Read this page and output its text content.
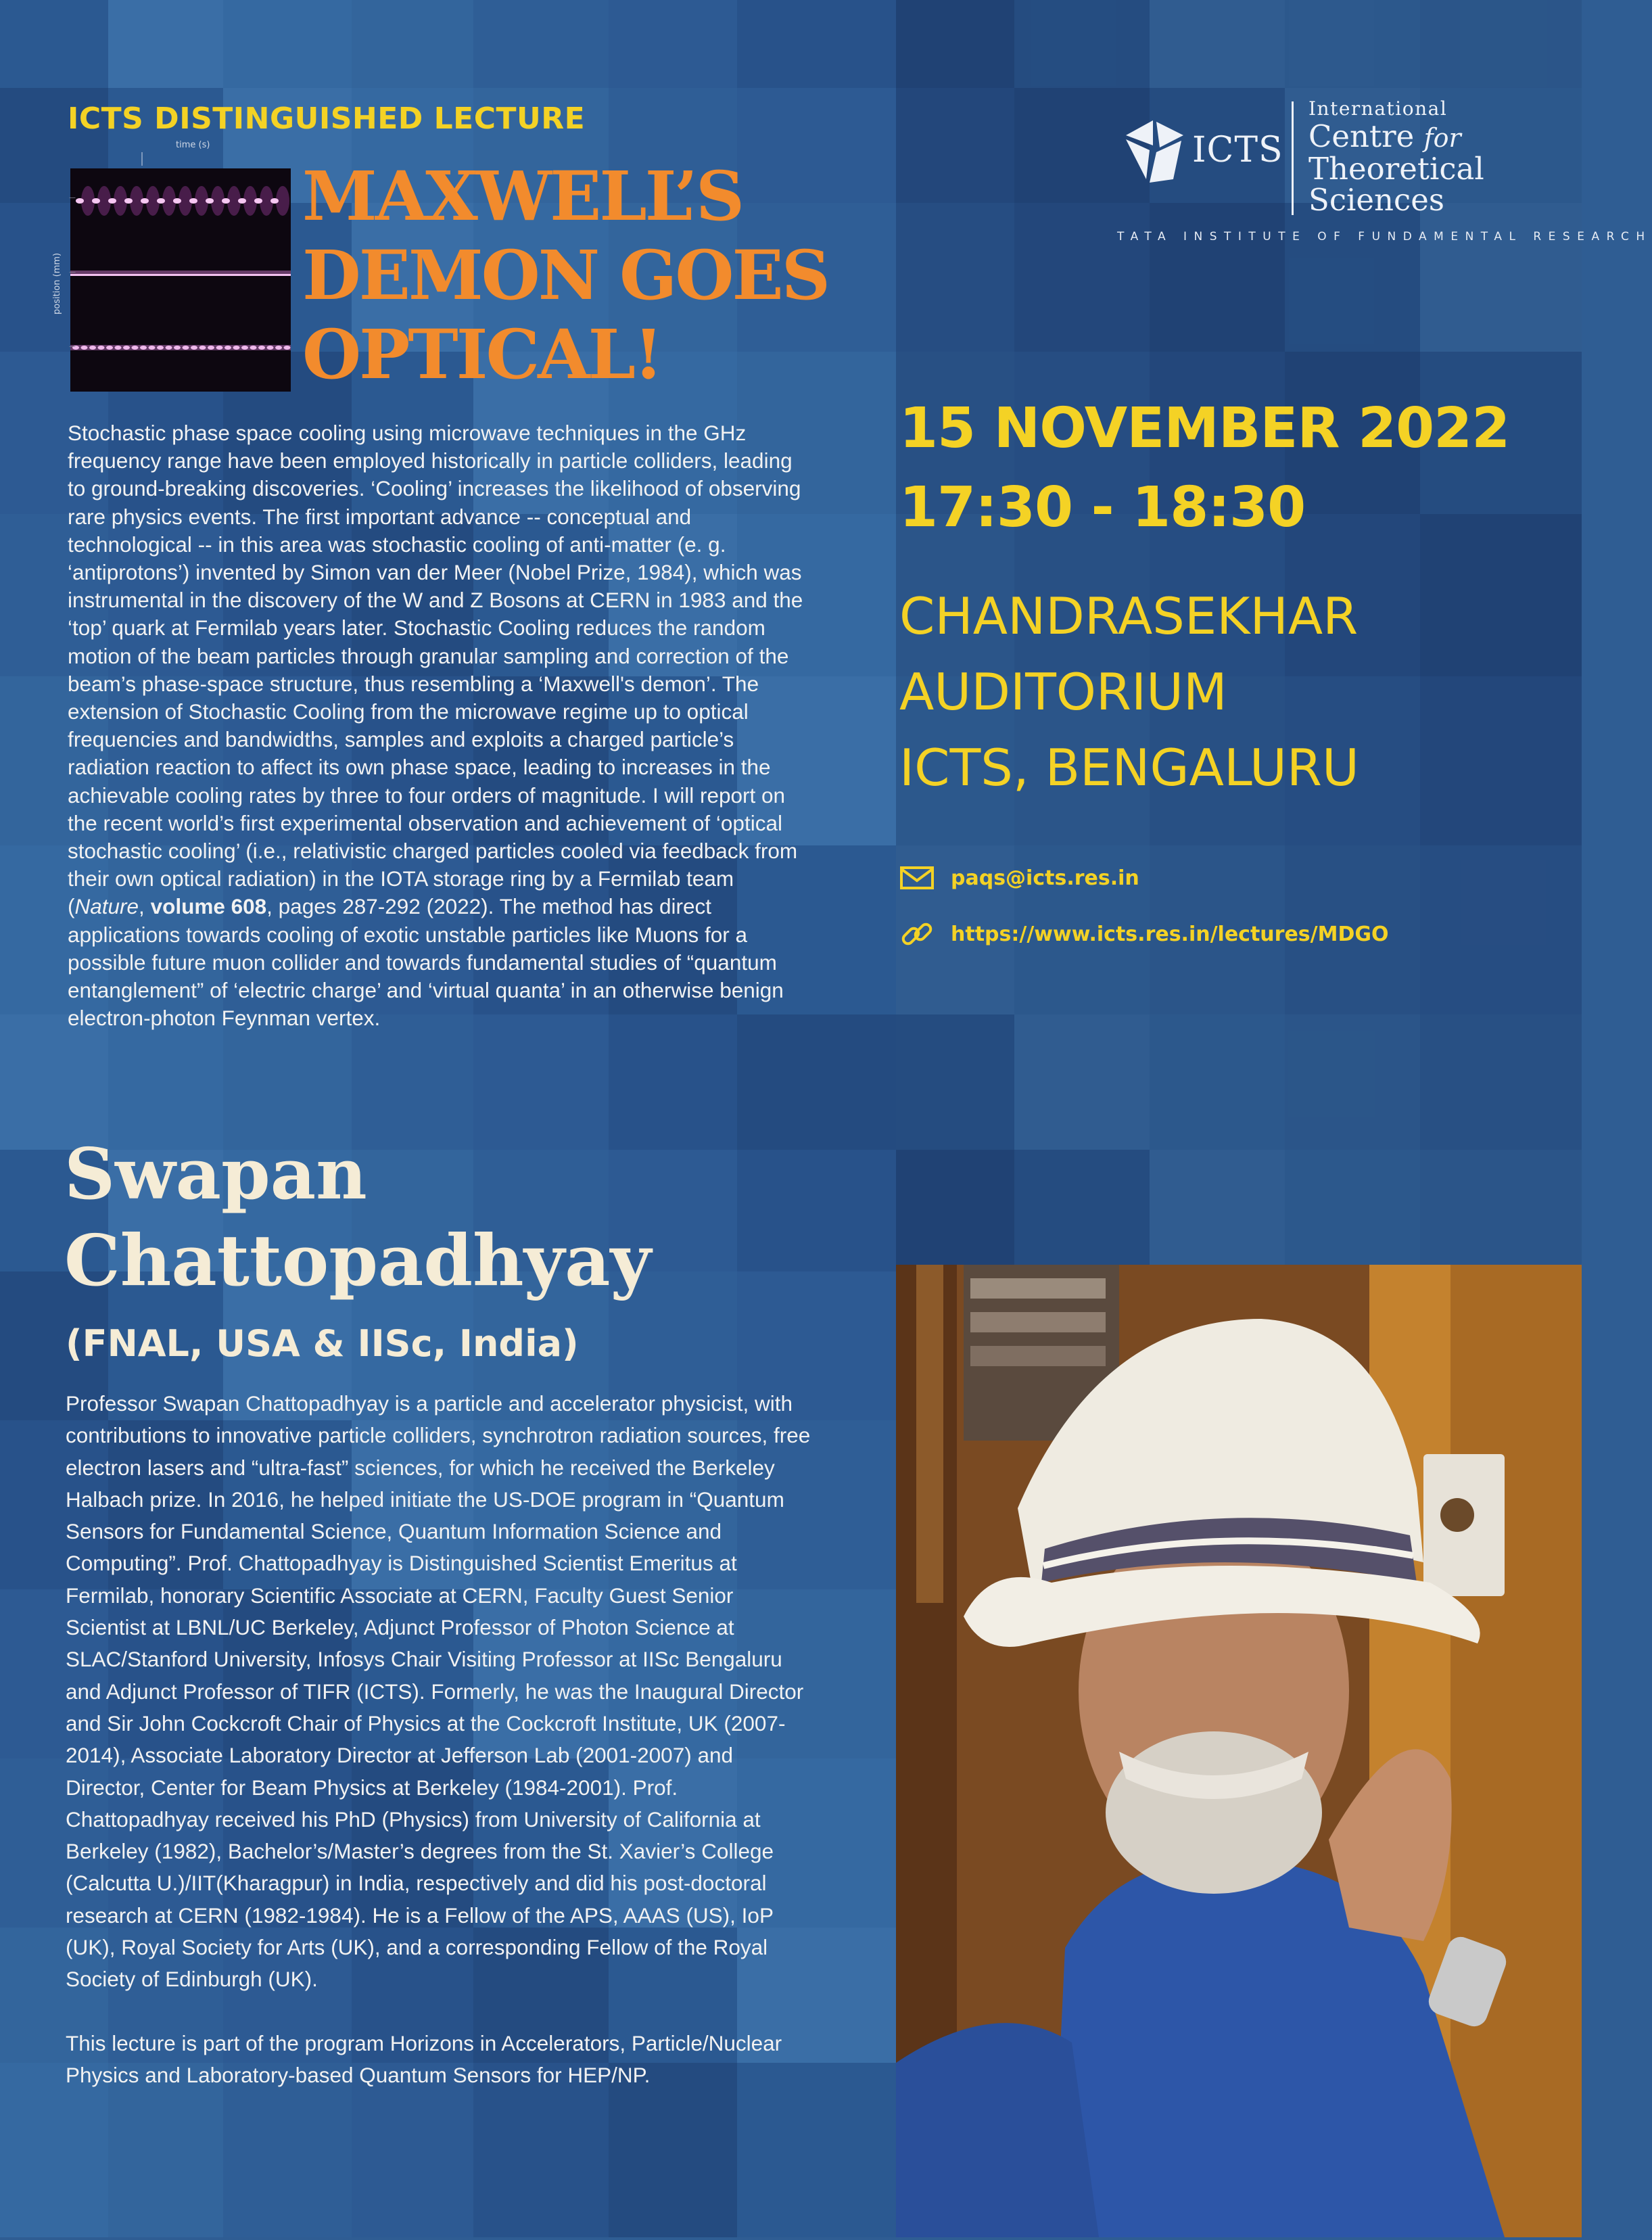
ICTS DISTINGUISHED LECTURE
time (s)
position (mm)
—
—
—
MAXWELL’S
DEMON GOES
OPTICAL!
Stochastic phase space cooling using microwave techniques in the GHz frequency range have been employed historically in particle colliders, leading to ground-breaking discoveries. ‘Cooling’ increases the likelihood of observing rare physics events. The first important advance -- conceptual and technological -- in this area was stochastic cooling of anti-matter (e. g. ‘antiprotons’) invented by Simon van der Meer (Nobel Prize, 1984), which was instrumental in the discovery of the W and Z Bosons at CERN in 1983 and the ‘top’ quark at Fermilab years later. Stochastic Cooling reduces the random motion of the beam particles through granular sampling and correction of the beam’s phase-space structure, thus resembling a ‘Maxwell's demon’. The extension of Stochastic Cooling from the microwave regime up to optical frequencies and bandwidths, samples and exploits a charged particle’s radiation reaction to affect its own phase space, leading to increases in the achievable cooling rates by three to four orders of magnitude. I will report on the recent world’s first experimental observation and achievement of ‘optical stochastic cooling’ (i.e., relativistic charged particles cooled via feedback from their own optical radiation) in the IOTA storage ring by a Fermilab team (Nature, volume 608, pages 287-292 (2022). The method has direct applications towards cooling of exotic unstable particles like Muons for a possible future muon collider and towards fundamental studies of “quantum entanglement” of ‘electric charge’ and ‘virtual quanta’ in an otherwise benign electron-photon Feynman vertex.
Swapan
Chattopadhyay
(FNAL, USA & IISc, India)

Professor Swapan Chattopadhyay is a particle and accelerator physicist, with contributions to innovative particle colliders, synchrotron radiation sources, free electron lasers and “ultra-fast” sciences, for which he received the Berkeley Halbach prize. In 2016, he helped initiate the US-DOE program in “Quantum Sensors for Fundamental Science, Quantum Information Science and Computing”. Prof. Chattopadhyay is Distinguished Scientist Emeritus at Fermilab, honorary Scientific Associate at CERN, Faculty Guest Senior Scientist at LBNL/UC Berkeley, Adjunct Professor of Photon Science at SLAC/Stanford University, Infosys Chair Visiting Professor at IISc Bengaluru and Adjunct Professor of TIFR (ICTS). Formerly, he was the Inaugural Director and Sir John Cockcroft Chair of Physics at the Cockcroft Institute, UK (2007-2014), Associate Laboratory Director at Jefferson Lab (2001-2007) and Director, Center for Beam Physics at Berkeley (1984-2001). Prof. Chattopadhyay received his PhD (Physics) from University of California at Berkeley (1982), Bachelor’s/Master’s degrees from the St. Xavier’s College (Calcutta U.)/IIT(Kharagpur) in India, respectively and did his post-doctoral research at CERN (1982-1984). He is a Fellow of the APS, AAAS (US), IoP (UK), Royal Society for Arts (UK), and a corresponding Fellow of the Royal Society of Edinburgh (UK).

This lecture is part of the program Horizons in Accelerators, Particle/Nuclear Physics and Laboratory-based Quantum Sensors for HEP/NP.

ICTS
International
Centre for
Theoretical
Sciences
TATA INSTITUTE OF FUNDAMENTAL RESEARCH
15 NOVEMBER 2022
17:30 - 18:30
CHANDRASEKHAR
AUDITORIUM
ICTS, BENGALURU
paqs@icts.res.in
https://www.icts.res.in/lectures/MDGO
